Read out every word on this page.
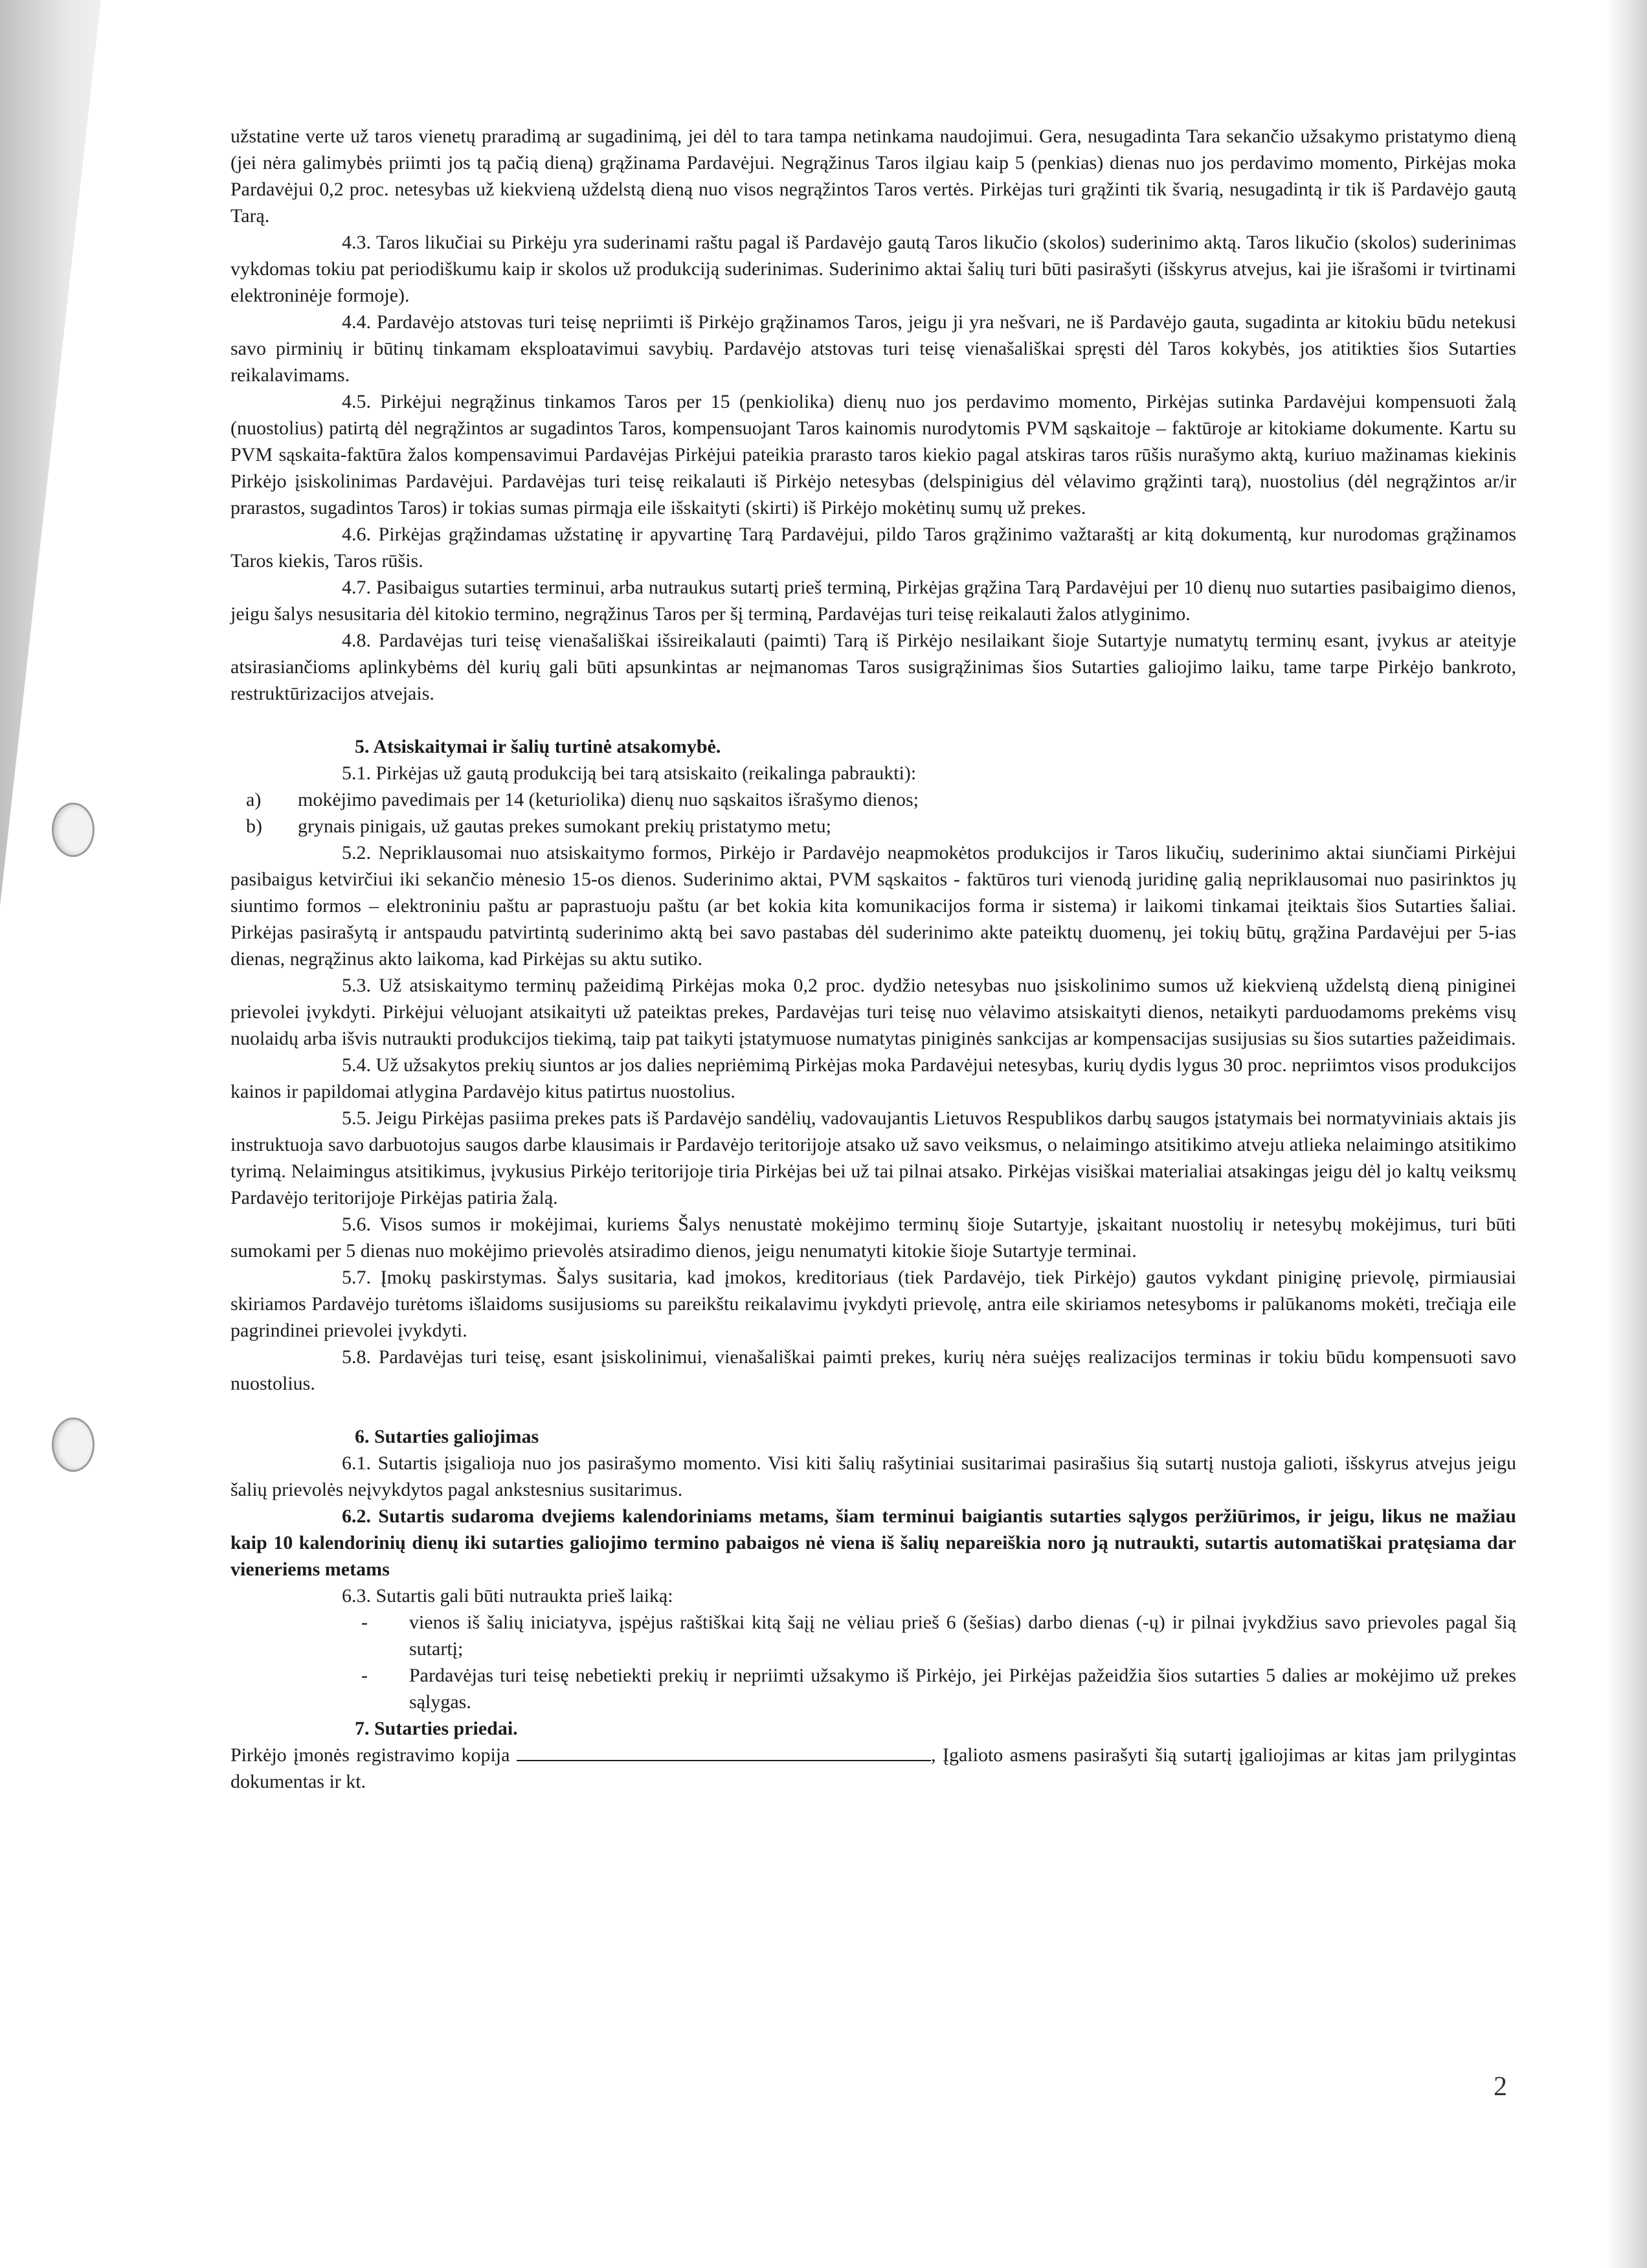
užstatine verte už taros vienetų praradimą ar sugadinimą, jei dėl to tara tampa netinkama naudojimui. Gera, nesugadinta Tara sekančio užsakymo pristatymo dieną (jei nėra galimybės priimti jos tą pačią dieną) grąžinama Pardavėjui. Negrąžinus Taros ilgiau kaip 5 (penkias) dienas nuo jos perdavimo momento, Pirkėjas moka Pardavėjui 0,2 proc. netesybas už kiekvieną uždelstą dieną nuo visos negrąžintos Taros vertės. Pirkėjas turi grąžinti tik švarią, nesugadintą ir tik iš Pardavėjo gautą Tarą.

4.3. Taros likučiai su Pirkėju yra suderinami raštu pagal iš Pardavėjo gautą Taros likučio (skolos) suderinimo aktą. Taros likučio (skolos) suderinimas vykdomas tokiu pat periodiškumu kaip ir skolos už produkciją suderinimas. Suderinimo aktai šalių turi būti pasirašyti (išskyrus atvejus, kai jie išrašomi ir tvirtinami elektroninėje formoje).

4.4. Pardavėjo atstovas turi teisę nepriimti iš Pirkėjo grąžinamos Taros, jeigu ji yra nešvari, ne iš Pardavėjo gauta, sugadinta ar kitokiu būdu netekusi savo pirminių ir būtinų tinkamam eksploatavimui savybių. Pardavėjo atstovas turi teisę vienašališkai spręsti dėl Taros kokybės, jos atitikties šios Sutarties reikalavimams.

4.5. Pirkėjui negrąžinus tinkamos Taros per 15 (penkiolika) dienų nuo jos perdavimo momento, Pirkėjas sutinka Pardavėjui kompensuoti žalą (nuostolius) patirtą dėl negrąžintos ar sugadintos Taros, kompensuojant Taros kainomis nurodytomis PVM sąskaitoje – faktūroje ar kitokiame dokumente. Kartu su PVM sąskaita-faktūra žalos kompensavimui Pardavėjas Pirkėjui pateikia prarasto taros kiekio pagal atskiras taros rūšis nurašymo aktą, kuriuo mažinamas kiekinis Pirkėjo įsiskolinimas Pardavėjui. Pardavėjas turi teisę reikalauti iš Pirkėjo netesybas (delspinigius dėl vėlavimo grąžinti tarą), nuostolius (dėl negrąžintos ar/ir prarastos, sugadintos Taros) ir tokias sumas pirmąja eile išskaityti (skirti) iš Pirkėjo mokėtinų sumų už prekes.

4.6. Pirkėjas grąžindamas užstatinę ir apyvartinę Tarą Pardavėjui, pildo Taros grąžinimo važtaraštį ar kitą dokumentą, kur nurodomas grąžinamos Taros kiekis, Taros rūšis.

4.7. Pasibaigus sutarties terminui, arba nutraukus sutartį prieš terminą, Pirkėjas grąžina Tarą Pardavėjui per 10 dienų nuo sutarties pasibaigimo dienos, jeigu šalys nesusitaria dėl kitokio termino, negrąžinus Taros per šį terminą, Pardavėjas turi teisę reikalauti žalos atlyginimo.

4.8. Pardavėjas turi teisę vienašališkai išsireikalauti (paimti) Tarą iš Pirkėjo nesilaikant šioje Sutartyje numatytų terminų esant, įvykus ar ateityje atsirasiančioms aplinkybėms dėl kurių gali būti apsunkintas ar neįmanomas Taros susigrąžinimas šios Sutarties galiojimo laiku, tame tarpe Pirkėjo bankroto, restruktūrizacijos atvejais.

5. Atsiskaitymai ir šalių turtinė atsakomybė.

5.1. Pirkėjas už gautą produkciją bei tarą atsiskaito (reikalinga pabraukti):

a)	mokėjimo pavedimais per 14 (keturiolika) dienų nuo sąskaitos išrašymo dienos;
b)	grynais pinigais, už gautas prekes sumokant prekių pristatymo metu;

5.2. Nepriklausomai nuo atsiskaitymo formos, Pirkėjo ir Pardavėjo neapmokėtos produkcijos ir Taros likučių, suderinimo aktai siunčiami Pirkėjui pasibaigus ketvirčiui iki sekančio mėnesio 15-os dienos. Suderinimo aktai, PVM sąskaitos - faktūros turi vienodą juridinę galią nepriklausomai nuo pasirinktos jų siuntimo formos – elektroniniu paštu ar paprastuoju paštu (ar bet kokia kita komunikacijos forma ir sistema) ir laikomi tinkamai įteiktais šios Sutarties šaliai. Pirkėjas pasirašytą ir antspaudu patvirtintą suderinimo aktą bei savo pastabas dėl suderinimo akte pateiktų duomenų, jei tokių būtų, grąžina Pardavėjui per 5-ias dienas, negrąžinus akto laikoma, kad Pirkėjas su aktu sutiko.

5.3. Už atsiskaitymo terminų pažeidimą Pirkėjas moka 0,2 proc. dydžio netesybas nuo įsiskolinimo sumos už kiekvieną uždelstą dieną piniginei prievolei įvykdyti. Pirkėjui vėluojant atsikaityti už pateiktas prekes, Pardavėjas turi teisę nuo vėlavimo atsiskaityti dienos, netaikyti parduodamoms prekėms visų nuolaidų arba išvis nutraukti produkcijos tiekimą, taip pat taikyti įstatymuose numatytas piniginės sankcijas ar kompensacijas susijusias su šios sutarties pažeidimais.

5.4. Už užsakytos prekių siuntos ar jos dalies nepriėmimą Pirkėjas moka Pardavėjui netesybas, kurių dydis lygus 30 proc. nepriimtos visos produkcijos kainos ir papildomai atlygina Pardavėjo kitus patirtus nuostolius.

5.5. Jeigu Pirkėjas pasiima prekes pats iš Pardavėjo sandėlių, vadovaujantis Lietuvos Respublikos darbų saugos įstatymais bei normatyviniais aktais jis instruktuoja savo darbuotojus saugos darbe klausimais ir Pardavėjo teritorijoje atsako už savo veiksmus, o nelaimingo atsitikimo atveju atlieka nelaimingo atsitikimo tyrimą. Nelaimingus atsitikimus, įvykusius Pirkėjo teritorijoje tiria Pirkėjas bei už tai pilnai atsako. Pirkėjas visiškai materialiai atsakingas jeigu dėl jo kaltų veiksmų Pardavėjo teritorijoje Pirkėjas patiria žalą.

5.6. Visos sumos ir mokėjimai, kuriems Šalys nenustatė mokėjimo terminų šioje Sutartyje, įskaitant nuostolių ir netesybų mokėjimus, turi būti sumokami per 5 dienas nuo mokėjimo prievolės atsiradimo dienos, jeigu nenumatyti kitokie šioje Sutartyje terminai.

5.7. Įmokų paskirstymas. Šalys susitaria, kad įmokos, kreditoriaus (tiek Pardavėjo, tiek Pirkėjo) gautos vykdant piniginę prievolę, pirmiausiai skiriamos Pardavėjo turėtoms išlaidoms susijusioms su pareikštu reikalavimu įvykdyti prievolę, antra eile skiriamos netesyboms ir palūkanoms mokėti, trečiąja eile pagrindinei prievolei įvykdyti.

5.8. Pardavėjas turi teisę, esant įsiskolinimui, vienašališkai paimti prekes, kurių nėra suėjęs realizacijos terminas ir tokiu būdu kompensuoti savo nuostolius.

6. Sutarties galiojimas

6.1. Sutartis įsigalioja nuo jos pasirašymo momento. Visi kiti šalių rašytiniai susitarimai pasirašius šią sutartį nustoja galioti, išskyrus atvejus jeigu šalių prievolės neįvykdytos pagal ankstesnius susitarimus.

6.2. Sutartis sudaroma dvejiems kalendoriniams metams, šiam terminui baigiantis sutarties sąlygos peržiūrimos, ir jeigu, likus ne mažiau kaip 10 kalendorinių dienų iki sutarties galiojimo termino pabaigos nė viena iš šalių nepareiškia noro ją nutraukti, sutartis automatiškai pratęsiama dar vieneriems metams

6.3. Sutartis gali būti nutraukta prieš laiką:

-	vienos iš šalių iniciatyva, įspėjus raštiškai kitą šaįį ne vėliau prieš 6 (šešias) darbo dienas (-ų) ir pilnai įvykdžius savo prievoles pagal šią sutartį;
-	Pardavėjas turi teisę nebetiekti prekių ir nepriimti užsakymo iš Pirkėjo, jei Pirkėjas pažeidžia šios sutarties 5 dalies ar mokėjimo už prekes sąlygas.

7. Sutarties priedai.

Pirkėjo įmonės registravimo kopija	, Įgalioto asmens pasirašyti šią sutartį įgaliojimas ar kitas jam prilygintas dokumentas ir kt.

2
